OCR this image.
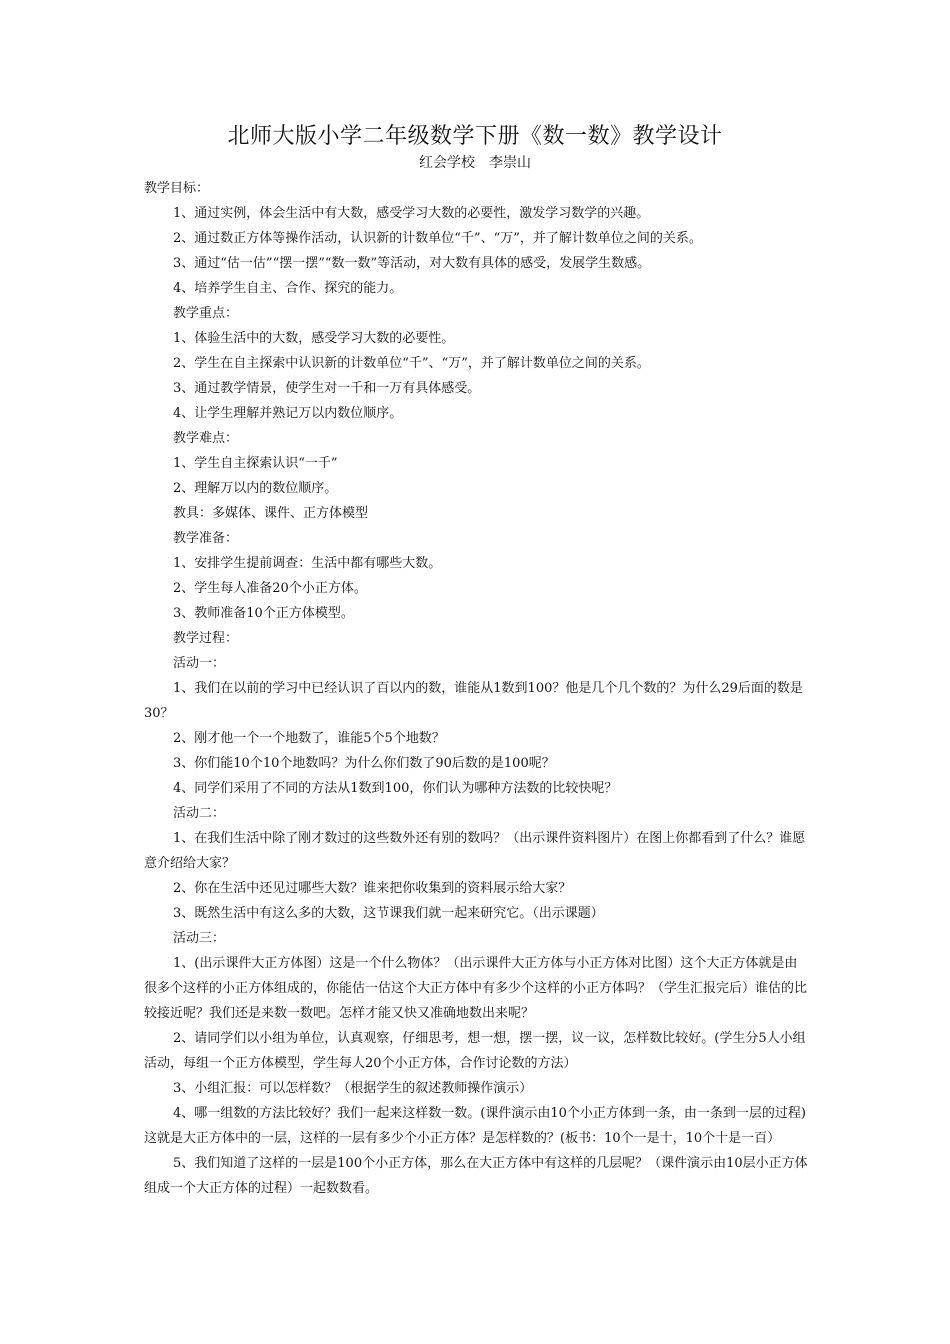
北师大版小学二年级数学下册《数一数》教学设计
红会学校　李崇山

教学目标：

1、通过实例，体会生活中有大数，感受学习大数的必要性，激发学习数学的兴趣。

2、通过数正方体等操作活动，认识新的计数单位“千”、“万”，并了解计数单位之间的关系。

3、通过“估一估”“摆一摆”“数一数”等活动，对大数有具体的感受，发展学生数感。

4、培养学生自主、合作、探究的能力。

教学重点：

1、体验生活中的大数，感受学习大数的必要性。

2、学生在自主探索中认识新的计数单位“千”、“万”，并了解计数单位之间的关系。

3、通过教学情景，使学生对一千和一万有具体感受。

4、让学生理解并熟记万以内数位顺序。

教学难点：

1、学生自主探索认识“一千”

2、理解万以内的数位顺序。

教具：多媒体、课件、正方体模型

教学准备：

1、安排学生提前调查：生活中都有哪些大数。

2、学生每人准备20个小正方体。

3、教师准备10个正方体模型。

教学过程：

活动一：

1、我们在以前的学习中已经认识了百以内的数，谁能从1数到100？他是几个几个数的？为什么29后面的数是30？

2、刚才他一个一个地数了，谁能5个5个地数？

3、你们能10个10个地数吗？为什么你们数了90后数的是100呢？

4、同学们采用了不同的方法从1数到100，你们认为哪种方法数的比较快呢？

活动二：

1、在我们生活中除了刚才数过的这些数外还有别的数吗？（出示课件资料图片）在图上你都看到了什么？谁愿意介绍给大家？

2、你在生活中还见过哪些大数？谁来把你收集到的资料展示给大家？

3、既然生活中有这么多的大数，这节课我们就一起来研究它。（出示课题）

活动三：

1、(出示课件大正方体图）这是一个什么物体？（出示课件大正方体与小正方体对比图）这个大正方体就是由很多个这样的小正方体组成的，你能估一估这个大正方体中有多少个这样的小正方体吗？（学生汇报完后）谁估的比较接近呢？我们还是来数一数吧。怎样才能又快又准确地数出来呢？

2、请同学们以小组为单位，认真观察，仔细思考，想一想，摆一摆，议一议，怎样数比较好。(学生分5人小组活动，每组一个正方体模型，学生每人20个小正方体，合作讨论数的方法）

3、小组汇报：可以怎样数？（根据学生的叙述教师操作演示）

4、哪一组数的方法比较好？我们一起来这样数一数。(课件演示由10个小正方体到一条，由一条到一层的过程)这就是大正方体中的一层，这样的一层有多少个小正方体？是怎样数的？(板书：10个一是十，10个十是一百）

5、我们知道了这样的一层是100个小正方体，那么在大正方体中有这样的几层呢？（课件演示由10层小正方体组成一个大正方体的过程）一起数数看。
